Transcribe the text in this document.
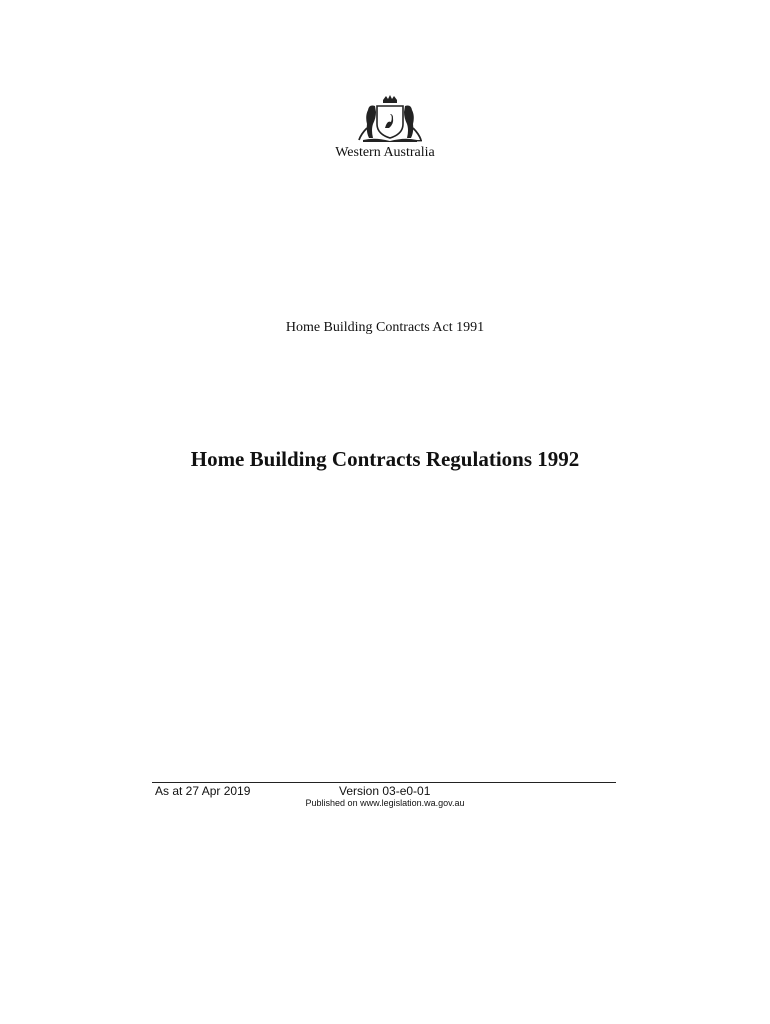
Western Australia
Home Building Contracts Act 1991
Home Building Contracts Regulations 1992
As at 27 Apr 2019	Version 03-e0-01
Published on www.legislation.wa.gov.au
